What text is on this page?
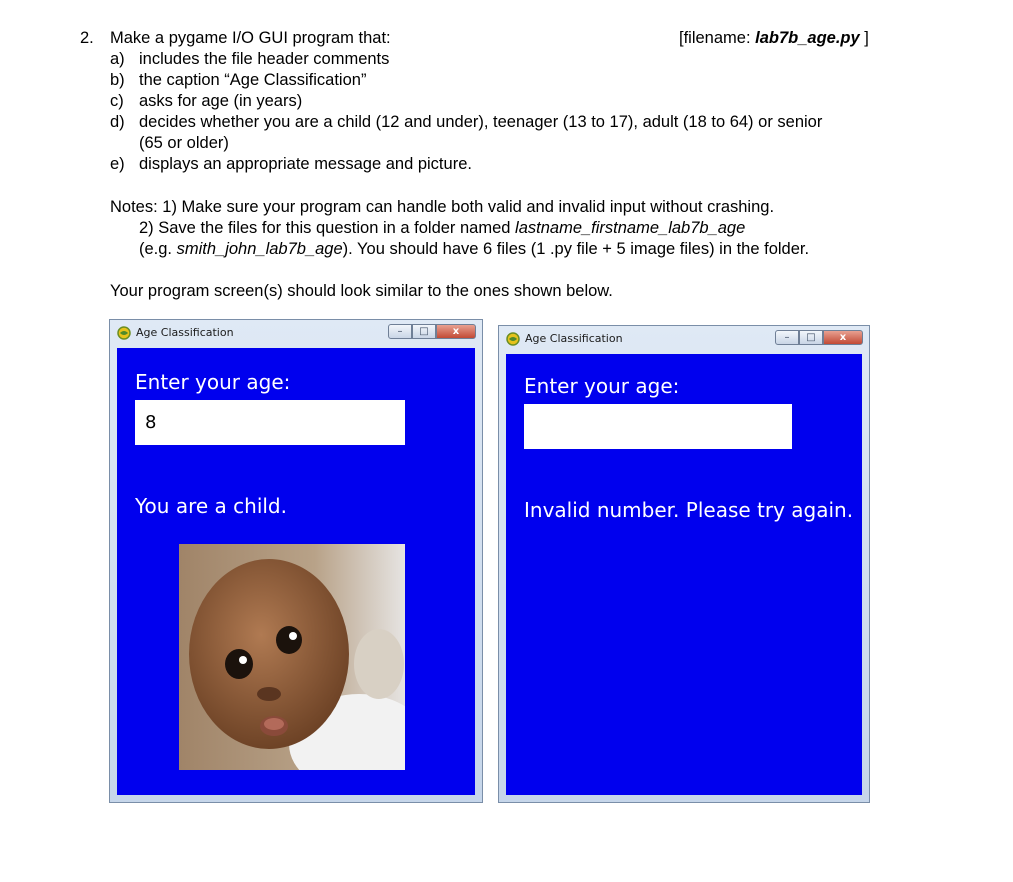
2. Make a pygame I/O GUI program that:	[filename: lab7b_age.py ]
a) includes the file header comments
b) the caption “Age Classification”
c) asks for age (in years)
d) decides whether you are a child (12 and under), teenager (13 to 17), adult (18 to 64) or senior
(65 or older)
e) displays an appropriate message and picture.
Notes: 1) Make sure your program can handle both valid and invalid input without crashing.
2) Save the files for this question in a folder named lastname_firstname_lab7b_age
(e.g. smith_john_lab7b_age). You should have 6 files (1 .py file + 5 image files) in the folder.
Your program screen(s) should look similar to the ones shown below.
Age Classification	–	□	x
Enter your age:
8
You are a child.
Age Classification	–	□	x
Enter your age:
Invalid number. Please try again.
